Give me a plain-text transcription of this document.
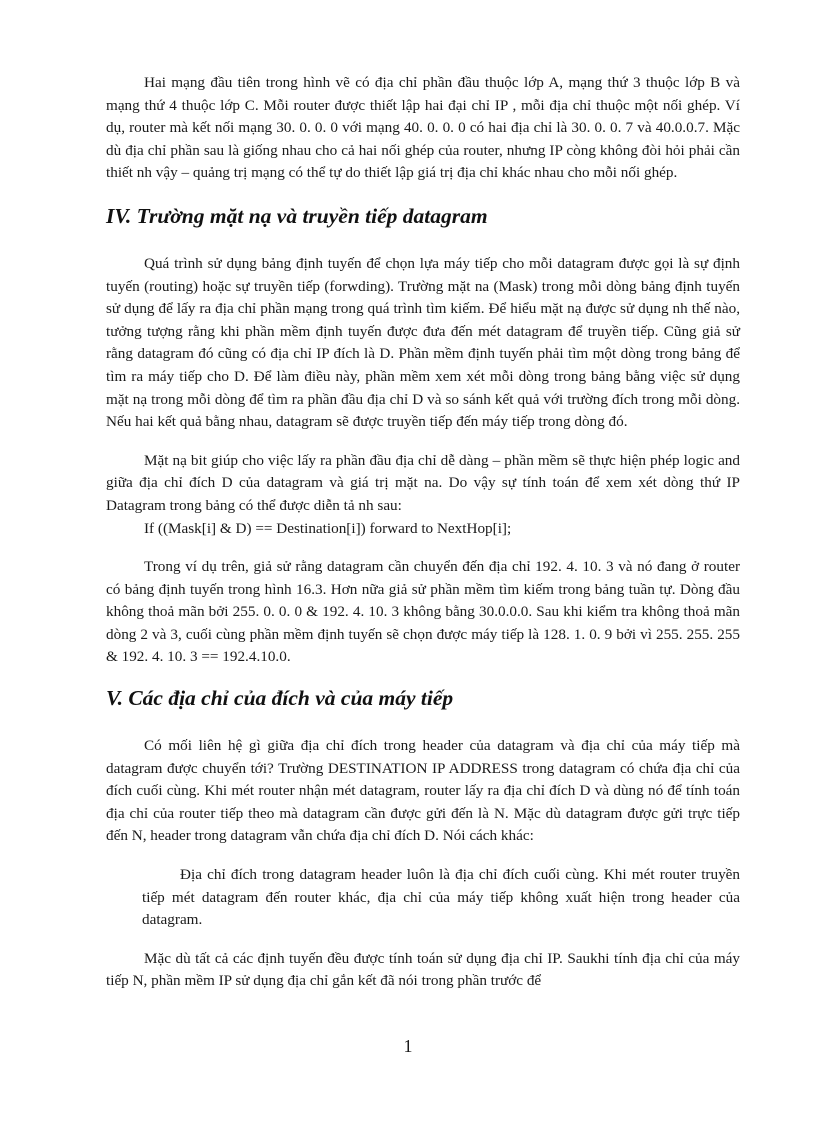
Hai mạng đầu tiên trong hình vẽ có địa chỉ phần đầu thuộc lớp A, mạng thứ 3 thuộc lớp B và mạng thứ 4 thuộc lớp C. Mỗi router được thiết lập hai đại chỉ IP , mỗi địa chỉ thuộc một nối ghép. Ví dụ, router mà kết nối mạng 30. 0. 0. 0 với mạng 40. 0. 0. 0 có hai địa chỉ là 30. 0. 0. 7 và 40.0.0.7. Mặc dù địa chỉ phần sau là giống nhau cho cả hai nối ghép của router, nhưng IP còng không đòi hỏi phải cần thiết nh vậy – quảng trị mạng có thể tự do thiết lập giá trị địa chỉ khác nhau cho mỗi nối ghép.

IV. Trường mặt nạ và truyền tiếp datagram

Quá trình sử dụng bảng định tuyến để chọn lựa máy tiếp cho mỗi datagram được gọi là sự định tuyến (routing) hoặc sự truyền tiếp (forwding). Trường mặt na (Mask) trong mỗi dòng bảng định tuyến sử dụng để lấy ra địa chỉ phần mạng trong quá trình tìm kiếm. Để hiểu mặt nạ được sử dụng nh thế nào, tưởng tượng rằng khi phần mềm định tuyến được đưa đến mét datagram để truyền tiếp. Cũng giả sử rằng datagram đó cũng có địa chỉ IP đích là D. Phần mềm định tuyến phải tìm một dòng trong bảng để tìm ra máy tiếp cho D. Để làm điều này, phần mềm xem xét mỗi dòng trong bảng bằng việc sử dụng mặt nạ trong mỗi dòng để tìm ra phần đầu địa chỉ D và so sánh kết quả với trường đích trong mỗi dòng. Nếu hai kết quả bằng nhau, datagram sẽ được truyền tiếp đến máy tiếp trong dòng đó.

Mặt nạ bit giúp cho việc lấy ra phần đầu địa chỉ dễ dàng – phần mềm sẽ thực hiện phép logic and giữa địa chỉ đích D của datagram và giá trị mặt na. Do vậy sự tính toán để xem xét dòng thứ IP Datagram trong bảng có thể được diễn tả nh sau:

If ((Mask[i] & D) == Destination[i]) forward to NextHop[i];

Trong ví dụ trên, giả sử rằng datagram cần chuyển đến địa chỉ 192. 4. 10. 3 và nó đang ở router có bảng định tuyến trong hình 16.3. Hơn nữa giả sử phần mềm tìm kiếm trong bảng tuần tự. Dòng đầu không thoả mãn bởi 255. 0. 0. 0 & 192. 4. 10. 3 không bằng 30.0.0.0. Sau khi kiểm tra không thoả mãn dòng 2 và 3, cuối cùng phần mềm định tuyến sẽ chọn được máy tiếp là 128. 1. 0. 9 bởi vì 255. 255. 255 & 192. 4. 10. 3 == 192.4.10.0.

V. Các địa chỉ của đích và của máy tiếp

Có mối liên hệ gì giữa địa chỉ đích trong header của datagram và địa chỉ của máy tiếp mà datagram được chuyển tới? Trường DESTINATION IP ADDRESS trong datagram có chứa địa chỉ của đích cuối cùng. Khi mét router nhận mét datagram, router lấy ra địa chỉ đích D và dùng nó để tính toán địa chỉ của router tiếp theo mà datagram cần được gửi đến là N. Mặc dù datagram được gửi trực tiếp đến N, header trong datagram vẫn chứa địa chỉ đích D. Nói cách khác:

Địa chỉ đích trong datagram header luôn là địa chỉ đích cuối cùng. Khi mét router truyền tiếp mét datagram đến router khác, địa chỉ của máy tiếp không xuất hiện trong header của datagram.

Mặc dù tất cả các định tuyến đều được tính toán sử dụng địa chỉ IP. Saukhi tính địa chỉ của máy tiếp N, phần mềm IP sử dụng địa chỉ gắn kết đã nói trong phần trước để

1
